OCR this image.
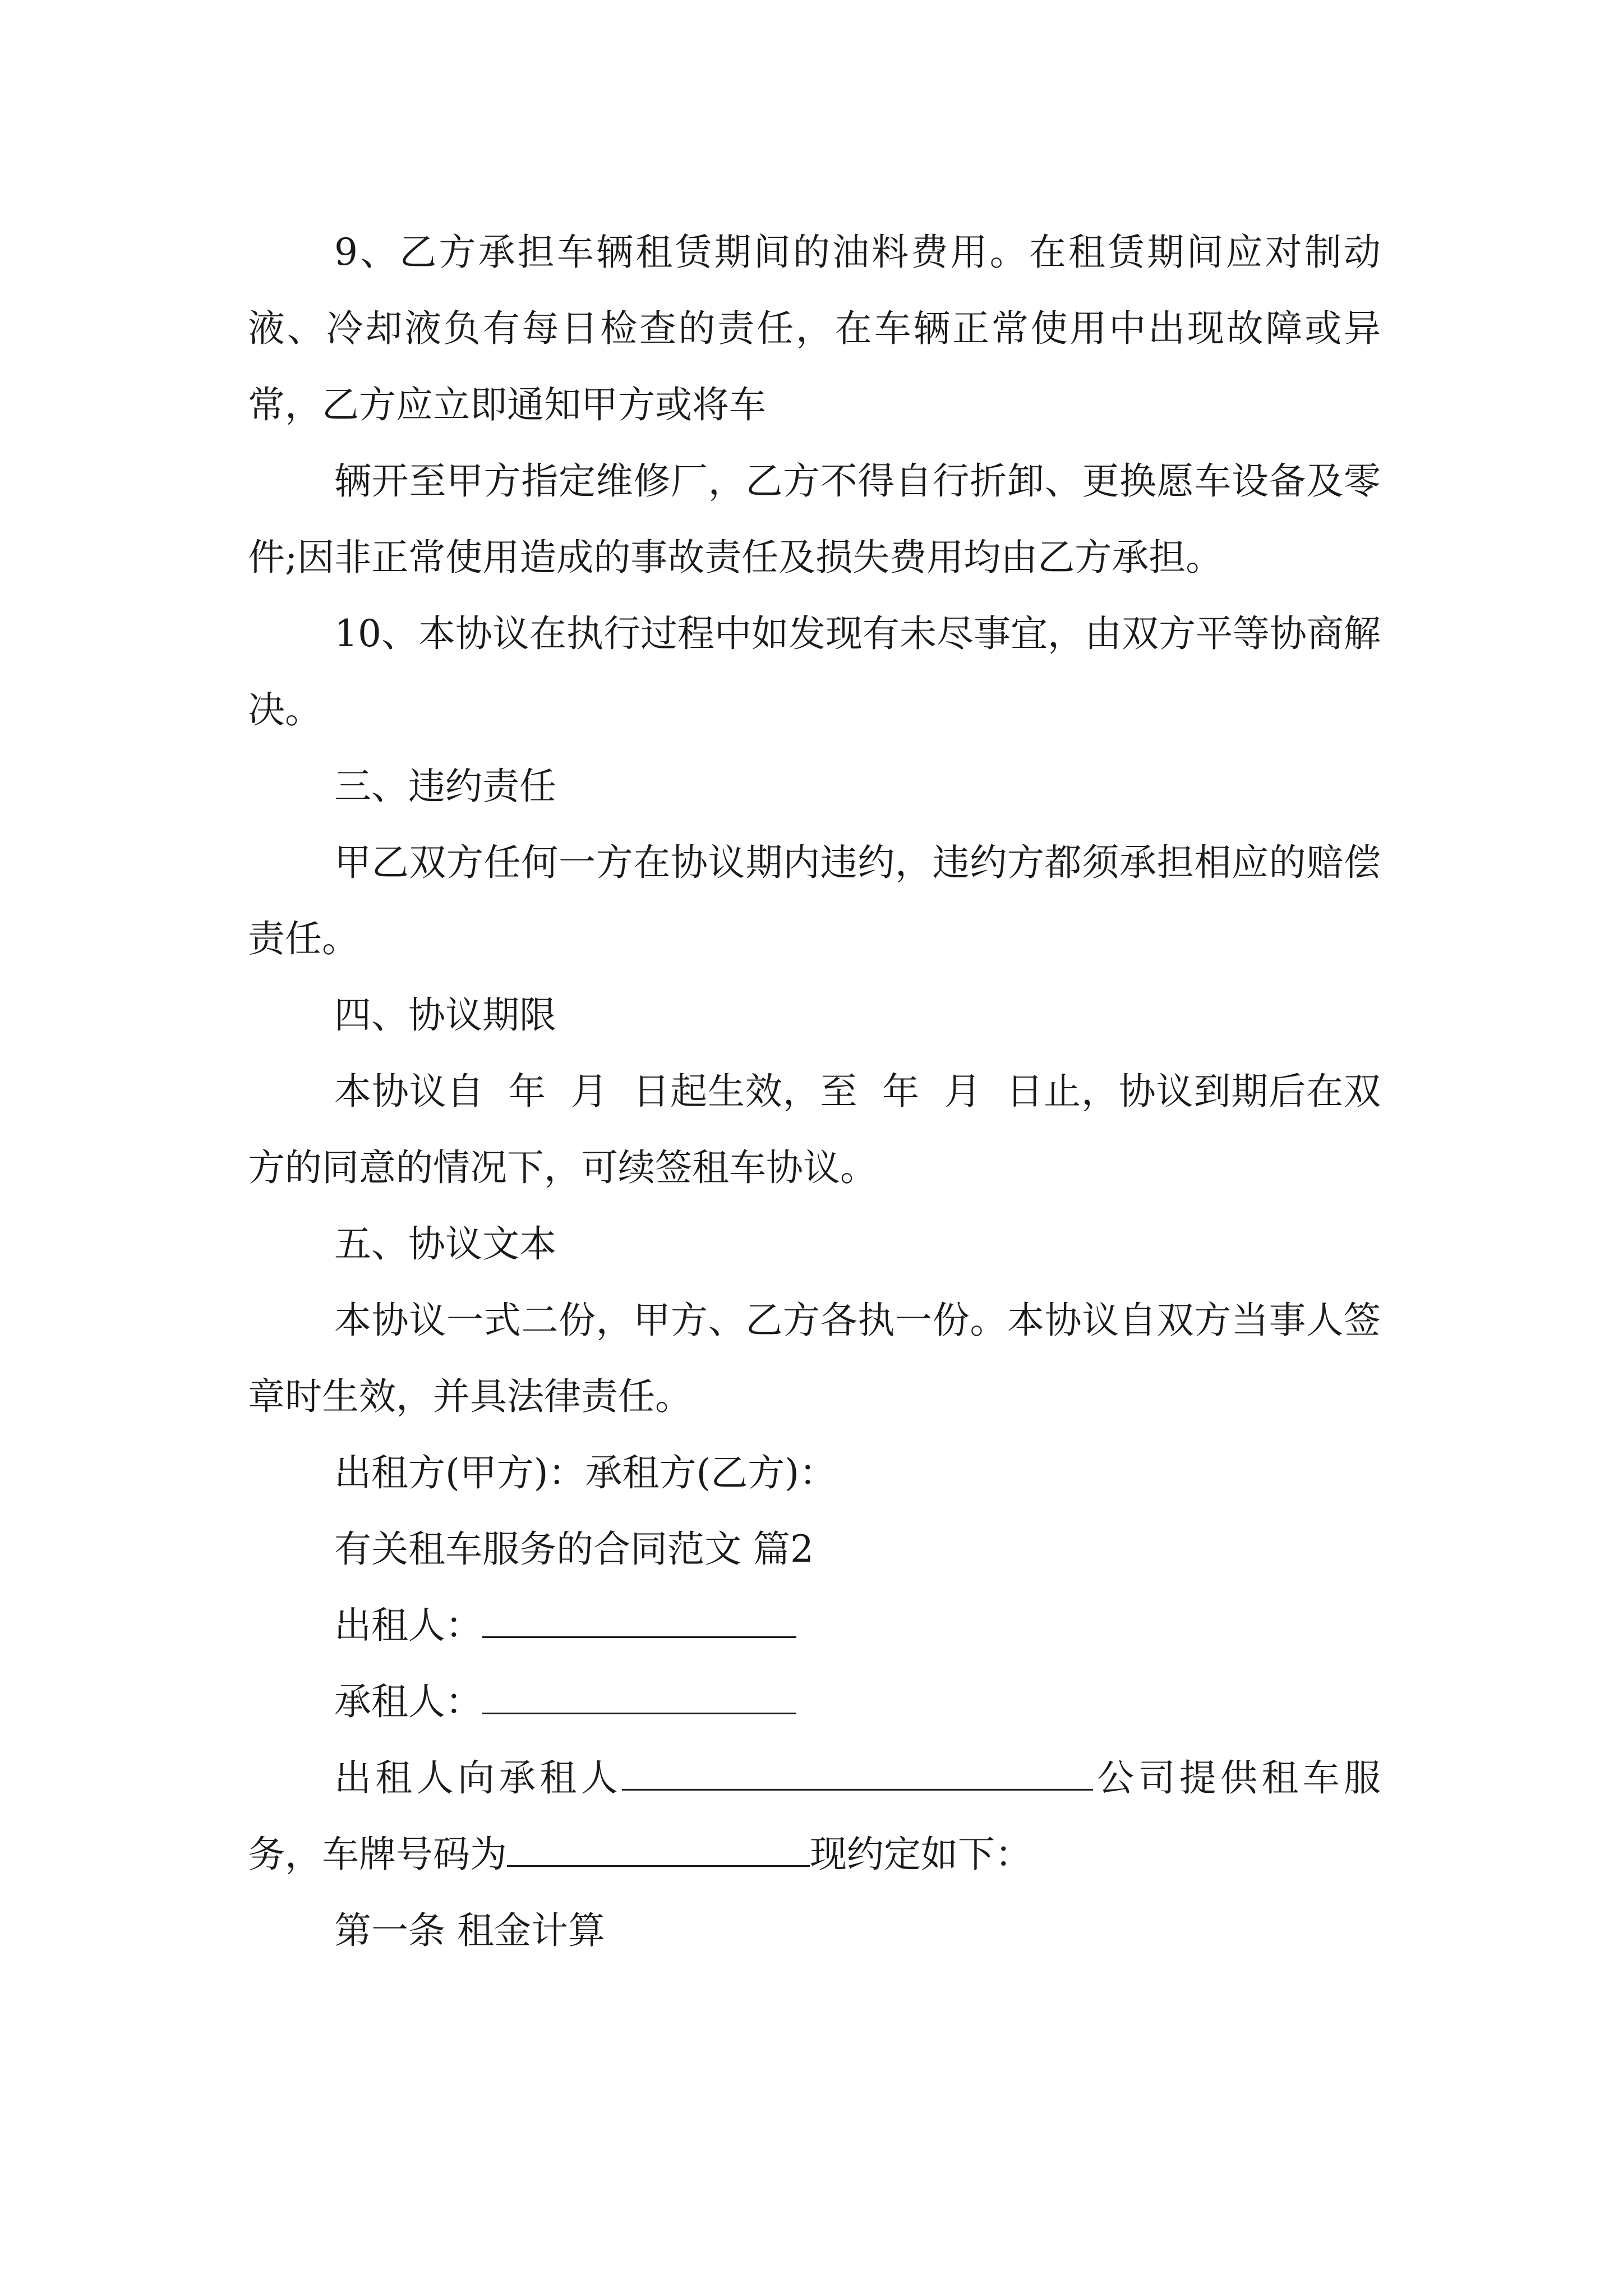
9、乙方承担车辆租赁期间的油料费用。在租赁期间应对制动液、冷却液负有每日检查的责任，在车辆正常使用中出现故障或异常，乙方应立即通知甲方或将车

辆开至甲方指定维修厂，乙方不得自行折卸、更换愿车设备及零件;因非正常使用造成的事故责任及损失费用均由乙方承担。

10、本协议在执行过程中如发现有未尽事宜，由双方平等协商解决。

三、违约责任

甲乙双方任何一方在协议期内违约，违约方都须承担相应的赔偿责任。

四、协议期限

本协议自  年  月  日起生效，至  年  月  日止，协议到期后在双方的同意的情况下，可续签租车协议。

五、协议文本

本协议一式二份，甲方、乙方各执一份。本协议自双方当事人签章时生效，并具法律责任。

出租方(甲方)：承租方(乙方)：

有关租车服务的合同范文 篇2

出租人：

承租人：

出租人向承租人	公司提供租车服务，车牌号码为	现约定如下：

第一条 租金计算
